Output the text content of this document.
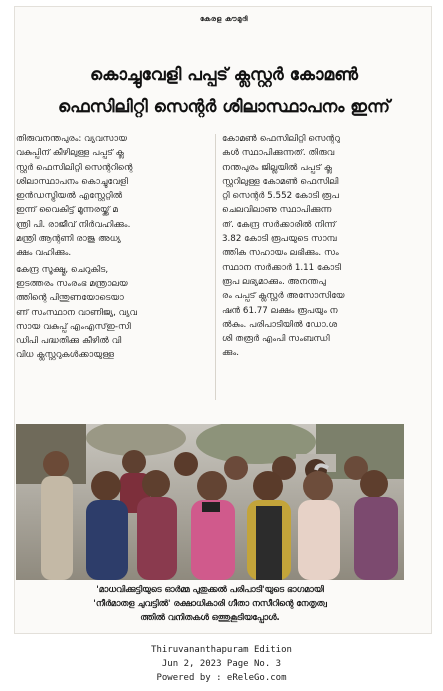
കേരള കൗമുദി
കൊച്ചുവേളി പപ്പട് ക്ലസ്റ്റർ കോമൺ
ഫെസിലിറ്റി സെന്റർ ശിലാസ്ഥാപനം ഇന്ന്

തിരുവനന്തപുരം: വ്യവസായ

വകുപ്പിന് കീഴിലുള്ള പപ്പട് ക്ല

സ്റ്റർ ഫെസിലിറ്റി സെന്ററിന്റെ

ശിലാസ്ഥാപനം കൊച്ചുവേളി

ഇൻഡസ്ട്രിയൽ എസ്റ്റേറ്റിൽ

ഇന്ന് വൈകിട്ട് മൂന്നരയ്ക്ക് മ

ന്ത്രി പി. രാജീവ് നിർവഹിക്കും.

മന്ത്രി ആന്റണി രാജു അധ്യ

ക്ഷം വഹിക്കും.

കേന്ദ്ര സൂക്ഷ്മ, ചെറുകിട,

ഇടത്തരം സംരംഭ മന്ത്രാലയ

ത്തിന്റെ പിന്തുണയോടെയാ

ണ് സംസ്ഥാന വാണിജ്യ, വ്യവ

സായ വകുപ്പ് എംഎസ്ഇ-സി

ഡിപി പദ്ധതിക്കു കീഴിൽ വി

വിധ ക്ലസ്റ്ററുകൾക്കായുള്ള

കോമൺ ഫെസിലിറ്റി സെന്ററു

കൾ സ്ഥാപിക്കുന്നത്. തിരുവ

നന്തപുരം ജില്ലയിൽ പപ്പട് ക്ല

സ്റ്ററിലുള്ള കോമൺ ഫെസിലി

റ്റി സെന്റർ 5.552 കോടി രൂപ

ചെലവിലാണു സ്ഥാപിക്കുന്ന

ത്. കേന്ദ്ര സർക്കാരിൽ നിന്ന്

3.82 കോടി രൂപയുടെ സാമ്പ

ത്തിക സഹായം ലഭിക്കും. സം

സ്ഥാന സർക്കാർ 1.11 കോടി

രൂപ ലഭ്യമാക്കും. അനന്തപു

രം പപ്പട് ക്ലസ്റ്റർ അസോസിയേ

ഷൻ 61.77 ലക്ഷം രൂപയും ന

ൽകും. പരിപാടിയിൽ ഡോ.ശ

ശി തരൂർ എംപി സംബന്ധി

ക്കും.

'മാധവിക്കുട്ടിയുടെ ഓർമ്മ പുതുക്കൽ പരിപാടി'യുടെ ഭാഗമായി
'നീർമാതള ചുവട്ടിൽ' രക്ഷാധികാരി ഗീതാ നസീറിന്റെ നേതൃത്വ
ത്തിൽ വനിതകൾ ഒത്തുകൂടിയപ്പോൾ.
Thiruvananthapuram Edition
Jun 2, 2023 Page No. 3
Powered by : eReleGo.com
